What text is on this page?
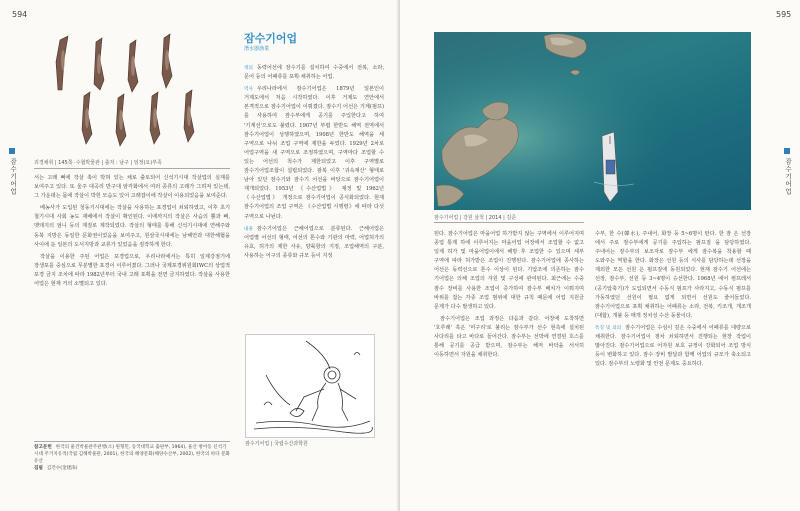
594
잠수기어업	괴경채취 | 145쪽 ⋅수협박물관 | 출처 : 남구 | 임정(요)부족

서는 고래 뼈에 작살 촉이 박혀 있는 채로 출토되어 신석기시대 작살업의 실재를 보여주고 있다. 또 울주 대곡리 반구대 암각화에서 여러 종류의 고래가 그려져 있는데, 그 가운데는 몸에 작살이 박힌 모습도 있어 고래잡이에 작살이 이용되었음을 보여준다.

베농사가 도입된 청동기시대에는 작살을 사용하는 포경업이 쇠퇴하였고, 이후 초기 철기시대 사회 농도 재배에서 작살이 확인된다. 이에까지의 작살은 사슴의 뿔과 뼈, 멧돼지의 엄니 등의 재질로 제작되었다. 작살의 형태를 통해 신석기시대에 연해주와 동북 지방은 동일한 문화권이었음을 보여주고, 원삼국시대에는 남해안과 대한해협을 사이에 둔 일본의 도서지방과 교류가 있었음을 짐작하게 한다.

작살을 이용한 주된 어업은 포경업으로, 우리나라에서는 특히 일제강점기에 장생포를 중심으로 무분별한 포경이 이루어졌다. 그러나 국제포경위원회IWC의 상업적 포경 금지 조치에 따라 1982년부터 국내 고래 포획을 전면 금지하였다. 작살을 사용한 어업은 현재 거의 소멸되고 있다.

참고문헌 한국의 물건박물관주관행(소) 원형민, 동국대학교 출판부, 1964), 울산 방어동 신석기시대 주거지유적(국립 김해박물관, 2001), 한국의 해양문화(해양수산부, 2002), 한국의 바다 문화유산
집필 김건수(金建洙)
잠수기어업
潛水器漁業

정의 동력어선에 잠수기를 설치하여 수중에서 전복, 소라, 문어 등의 어패류를 포획·채취하는 어업.

역사 우리나라에서 잠수기어업은 1879년 일본인이 거제도에서 처음 시작하였다. 이후 거제도 연안에서 본격적으로 잠수기어업이 이뤄졌다. 잠수기 어선은 기계(펌프)를 사용하여 잠수부에게 공기를 주입한다고 하여 '기계선'으로도 불렸다. 1907년 부렵 한반도 해역 전역에서 잠수기어업이 성행하였으며, 1908년 한반도 해역을 세 구역으로 나뉘 조업 구역에 제한을 두었다. 1929년 2차로 어업구역을 새 구역으로 조정하였으며, 구역마다 조업할 수 있는 어선의 척수가 제한되었고 이후 구역별로 잠수기어업조합이 설립되었다. 광복 이후 '귀속재산' 형태로 남아 있던 잠수기와 잠수기 어선을 바탕으로 잠수기어업이 재개되었다. 1953년 《수산업법》 제정 및 1962년 《수산업법》 개정으로 잠수기어업이 공식화되었다. 현재 잠수기어업의 조업 구역은 《수산업법 시행령》에 따라 다섯 구역으로 나뉜다.

내용 잠수기어업은 근해어업으로 분류된다. 근해어업은 어업별 어선의 형태, 어선의 톤수와 기관의 마력, 어업허가의 유효, 허가의 제한 사유, 양륙항의 지정, 조업해역의 구분, 사용하는 어구의 종류와 규모 등이 지정

잠수기어업 | 국립수산과학원
595
잠수기어업
잠수기어업 | 강원 삼척 | 2014 | 김준

된다. 잠수기어업은 마을어업 하가받지 않는 구역에서 이루어지며 종업 통제 하에 이루어지는 마을어업 어장에서 조업할 수 없고 일제 허가 및 마을어업이에서 해방 후 조업한 수 있으며 세부 구역에 따라 허가받은 조업이 진행된다. 잠수기어업에 종사하는 어선은 동력선으로 톤수 이상이 된다. 기압조에 의존하는 잠수 기어업은 의해 조업의 자원 및 구성에 관여된다. 최근에는 수중 잠수 장비를 사용한 조업이 증가하여 잠수부 배치가 이뤄지며 바위를 잡는 각종 조업 범위에 대한 규칙 때문에 어업 지원금 문제가 다수 발생하고 있다.

잠수기어업은 조업 과정은 다음과 같다. 어장에 도착하면 '호루래' 혹은 '머구리'로 불리는 잠수부가 선수 현측에 설치된 사다리를 타고 바다로 들어간다. 잠수부는 선박에 연결된 호스를 통해 공기를 공급 받으며, 잠수부는 해저 바닥을 서서히 이동하면서 자원을 채취한다.

수부, 한 수(韓水), 주내어, 화장 등 5~6명이 탄다. 한 잠 은 선장 에서 주로 잠수부에게 공기를 주입하는 펌프질 을 담당하였다. 주내어는 잠수부의 보조자로 잠수부 에게 잠수복을 착용할 때 도와주는 역할을 한다. 화장은 선원 등의 식사를 담당하는데 선장을 제외한 모든 선원 은 펌프질에 동원되었다. 현재 잠수기 어선에는 선장, 잠수부, 선원 등 3~4명이 승선한다. 1968년 에어 컴프레서(공기압축기)가 도입되면서 수동식 펌프가 사라지고, 수동식 펌프를 가동하였던 선원이 필요 없게 되면서 선원도 줄어들었다. 잠수기어업으로 포획 채취하는 어패류는 소라, 전복, 키조개, 개조개(대합), 개불 등 매개 정치성 수산 동물이다.

특징 및 의의 잠수기어업은 수심이 깊은 수중에서 어패류를 대량으로 채취한다. 잠수기어업이 점차 쇠퇴하면서 진행되는 현장 작업이 많아진다. 잠수기어업으로 어자원 보호 규정이 강화되어 조업 방식 등이 변화하고 있다. 잠수 장비 발달과 함께 어업의 규모가 축소되고 있다. 잠수부의 노령화 및 안전 문제도 중요하다.
